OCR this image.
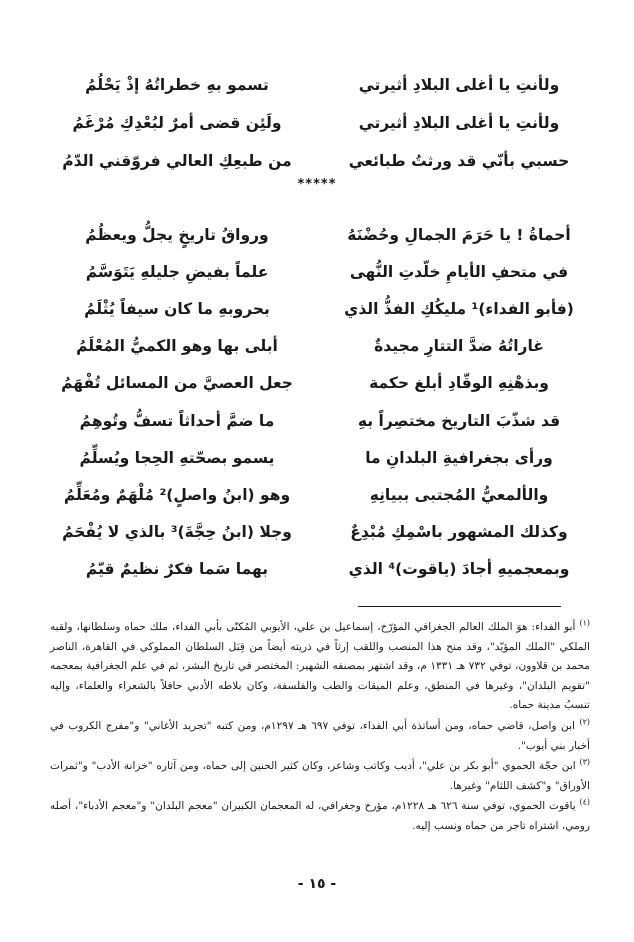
ولأنتِ يا أغلى البلادِ أثيرتي
تسمو بهِ خطراتُهُ إذْ يَحْلُمُ
ولأنتِ يا أغلى البلادِ أثيرتي
ولَئِن قضى أمرٌ لبُعْدِكِ مُرْغَمُ
حسبي بأنّي قد ورثتُ طبائعي
من طبعِكِ العالي فروّقني الدّمُ
*****
أحماةُ ! يا حَرَمَ الجمالِ وحُضْنَهُ
ورواقُ تاريخٍ يجلُّ ويعظُمُ
في متحفِ الأيامِ خلّدتِ النُّهى
علماً بفيضِ جليلهِ يَتَوَسَّمُ
(فأبو الفداء)¹ مليكُكِ الفذُّ الذي
بحروبهِ ما كان سيفاً يُثْلَمُ
غاراتُهُ ضدَّ التتارِ مجيدةٌ
أبلى بها وهو الكميُّ المُعْلَمُ
وبذهْنِهِ الوقّادِ أبلغ حكمة
جعل العصيَّ من المسائل تُفْهَمُ
قد شذّبَ التاريخ مختصِراً بهِ
ما ضمَّ أحداثاً تسفُّ وتُوهِمُ
ورأى بجغرافيةِ البلدانِ ما
يسمو بصحّتهِ الحِجا ويُسلِّمُ
والألمعيُّ المُجتبى ببيانِهِ
وهو (ابنُ واصلٍ)² مُلْهَمٌ ومُعَلِّمُ
وكذلك المشهور باسْمِكِ مُبْدِعٌ
وجلا (ابنُ حِجَّةَ)³ بالذي لا يُفْحَمُ
وبمعجميهِ أجادَ (ياقوت)⁴ الذي
بهما سَما فكرٌ نظيمٌ قيّمُ

$^{(١)}$ أبو الفداء: هوَ الملك العالم الجغرافي المؤرّخ، إسماعيل بن علي، الأيوبي المُكنّى بأبي الفداء، ملك حماه وسلطانها، ولقبه الملكي "الملك المؤيّد"، وقد منح هذا المنصب واللقب إرثاً في ذريته أيضاً من قِبَل السلطان المملوكي في القاهرة، الناصر محمد بن قلاوون، توفي ٧٣٢ هـ ١٣٣١ م، وقد اشتهر بمصنفه الشهير: المختصر في تاريخ البشر، ثم في علم الجغرافية بمعجمه "تقويم البلدان"، وغيرها في المنطق، وعلم الميقات والطب والفلسفة، وكان بلاطه الأدبي حافلاً بالشعراء والعلماء، وإليه تنسبُ مدينة حماه.

$^{(٢)}$ ابن واصل، قاضي حماه، ومن أساتذة أبي الفداء، توفي ٦٩٧ هـ ١٢٩٧م، ومن كتبه "تجريد الأغاني" و"مفرج الكروب في أخبار بني أيوب".

$^{(٣)}$ ابن حجّة الحموي "أبو بكر بن علي"، أديب وكاتب وشاعر، وكان كثير الحنين إلى حماه، ومن آثاره "خزانة الأدب" و"ثمرات الأوراق" و"كشف اللثام" وغيرها.

$^{(٤)}$ ياقوت الحموي، توفي سنة ٦٢٦ هـ ١٢٢٨م، مؤرخ وجغرافي، له المعجمان الكبيران "معجم البلدان" و"معجم الأدباء"، أصله رومي، اشتراه تاجر من حماه ونسب إليه.

- ١٥ -
